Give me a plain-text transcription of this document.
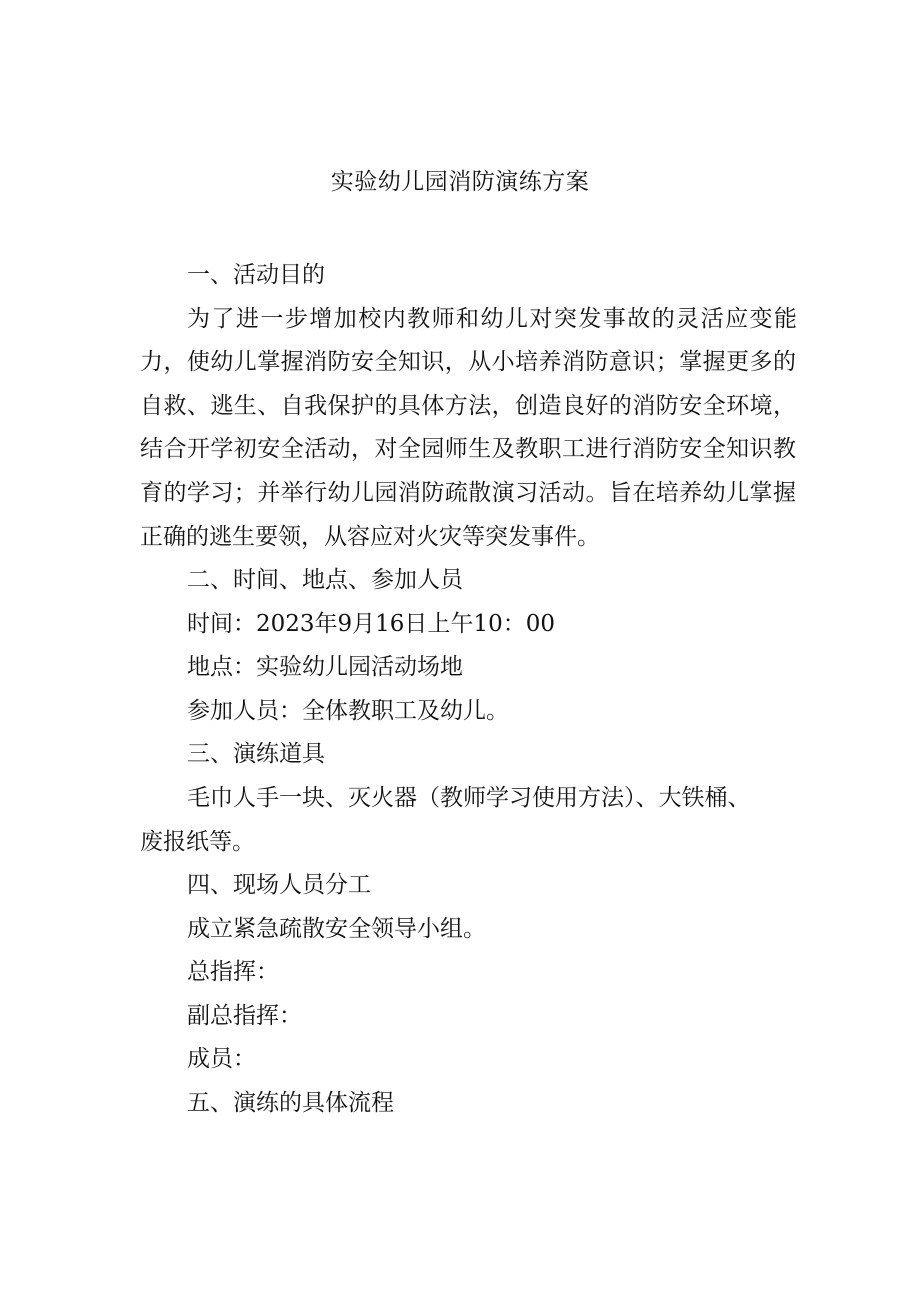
实验幼儿园消防演练方案
一、活动目的
为了进一步增加校内教师和幼儿对突发事故的灵活应变能
力，使幼儿掌握消防安全知识，从小培养消防意识；掌握更多的
自救、逃生、自我保护的具体方法，创造良好的消防安全环境，
结合开学初安全活动，对全园师生及教职工进行消防安全知识教
育的学习；并举行幼儿园消防疏散演习活动。旨在培养幼儿掌握
正确的逃生要领，从容应对火灾等突发事件。
二、时间、地点、参加人员
时间：2023年9月16日上午10：00
地点：实验幼儿园活动场地
参加人员：全体教职工及幼儿。
三、演练道具
毛巾人手一块、灭火器（教师学习使用方法）、大铁桶、
废报纸等。
四、现场人员分工
成立紧急疏散安全领导小组。
总指挥：
副总指挥：
成员：
五、演练的具体流程
